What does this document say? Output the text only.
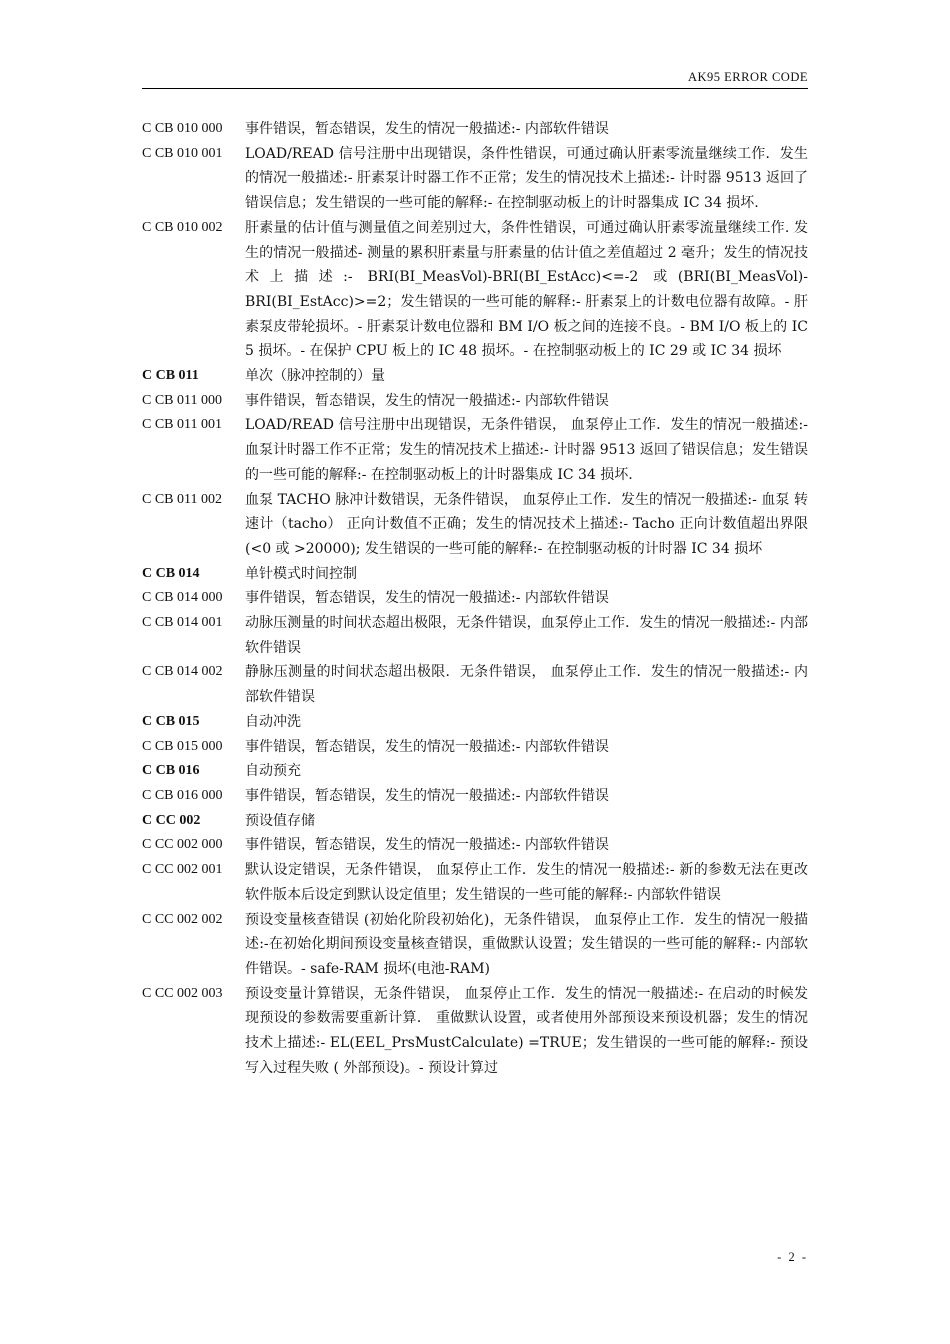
AK95 ERROR CODE
C CB 010 000	事件错误，暂态错误，发生的情况一般描述:- 内部软件错误
C CB 010 001	LOAD/READ 信号注册中出现错误，条件性错误，可通过确认肝素零流量继续工作．发生的情况一般描述:- 肝素泵计时器工作不正常；发生的情况技术上描述:- 计时器 9513 返回了错误信息；发生错误的一些可能的解释:- 在控制驱动板上的计时器集成 IC 34 损坏.
C CB 010 002	肝素量的估计值与测量值之间差别过大，条件性错误，可通过确认肝素零流量继续工作. 发生的情况一般描述- 测量的累积肝素量与肝素量的估计值之差值超过 2 毫升；发生的情况技术上描述:- BRI(BI_MeasVol)-BRI(BI_EstAcc)<=-2 或(BRI(BI_MeasVol)-BRI(BI_EstAcc)>=2；发生错误的一些可能的解释:- 肝素泵上的计数电位器有故障。- 肝素泵皮带轮损坏。- 肝素泵计数电位器和 BM I/O 板之间的连接不良。- BM I/O 板上的 IC 5 损坏。- 在保护 CPU 板上的 IC 48 损坏。- 在控制驱动板上的 IC 29 或 IC 34 损坏
C CB 011	单次（脉冲控制的）量
C CB 011 000	事件错误，暂态错误，发生的情况一般描述:- 内部软件错误
C CB 011 001	LOAD/READ 信号注册中出现错误，无条件错误， 血泵停止工作．发生的情况一般描述:- 血泵计时器工作不正常；发生的情况技术上描述:- 计时器 9513 返回了错误信息；发生错误的一些可能的解释:- 在控制驱动板上的计时器集成 IC 34 损坏.
C CB 011 002	血泵 TACHO 脉冲计数错误，无条件错误， 血泵停止工作．发生的情况一般描述:- 血泵 转速计（tacho） 正向计数值不正确；发生的情况技术上描述:- Tacho 正向计数值超出界限 (<0 或 >20000); 发生错误的一些可能的解释:- 在控制驱动板的计时器 IC 34 损坏
C CB 014	单针模式时间控制
C CB 014 000	事件错误，暂态错误，发生的情况一般描述:- 内部软件错误
C CB 014 001	动脉压测量的时间状态超出极限，无条件错误，血泵停止工作．发生的情况一般描述:- 内部软件错误
C CB 014 002	静脉压测量的时间状态超出极限．无条件错误， 血泵停止工作．发生的情况一般描述:- 内部软件错误
C CB 015	自动冲洗
C CB 015 000	事件错误，暂态错误，发生的情况一般描述:- 内部软件错误
C CB 016	自动预充
C CB 016 000	事件错误，暂态错误，发生的情况一般描述:- 内部软件错误
C CC 002	预设值存储
C CC 002 000	事件错误，暂态错误，发生的情况一般描述:- 内部软件错误
C CC 002 001	默认设定错误，无条件错误， 血泵停止工作．发生的情况一般描述:- 新的参数无法在更改软件版本后设定到默认设定值里；发生错误的一些可能的解释:- 内部软件错误
C CC 002 002	预设变量核查错误 (初始化阶段初始化)，无条件错误， 血泵停止工作．发生的情况一般描述:-在初始化期间预设变量核查错误，重做默认设置；发生错误的一些可能的解释:- 内部软件错误。- safe-RAM 损坏(电池-RAM)
C CC 002 003	预设变量计算错误，无条件错误， 血泵停止工作．发生的情况一般描述:- 在启动的时候发现预设的参数需要重新计算． 重做默认设置，或者使用外部预设来预设机器；发生的情况技术上描述:- EL(EEL_PrsMustCalculate) =TRUE；发生错误的一些可能的解释:- 预设写入过程失败 ( 外部预设)。- 预设计算过
- 2 -
